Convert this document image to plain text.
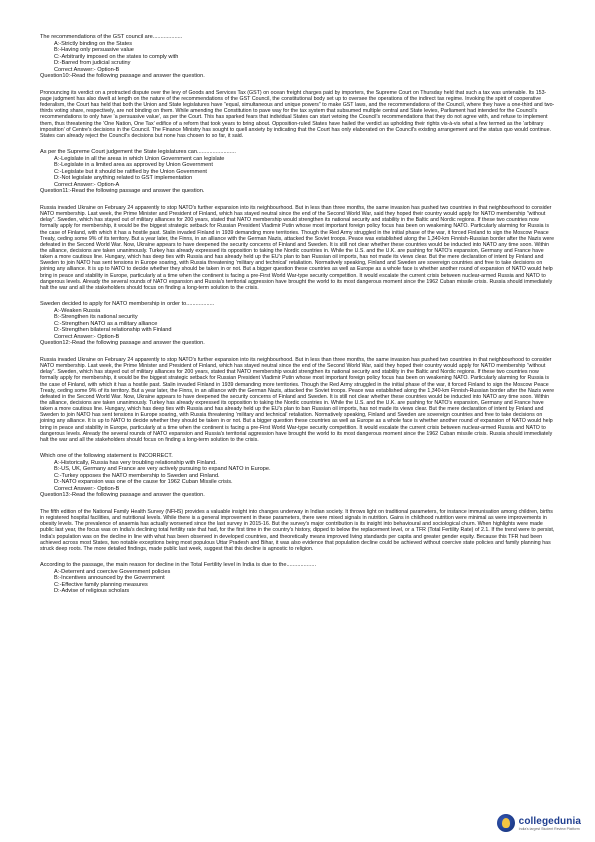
The recommendations of the GST council are...................

A:-Strictly binding on the States
B:-Having only persuasive value
C:-Arbitrarily imposed on the states to comply with
D:-Barred from judicial scrutiny

Correct Answer:- Option-B

Question10:-Read the following passage and answer the question.

Pronouncing its verdict on a protracted dispute over the levy of Goods and Services Tax (GST) on ocean freight charges paid by importers, the Supreme Court on Thursday held that such a tax was untenable. Its 153-page judgment has also dwelt at length on the nature of the recommendations of the GST Council, the constitutional body set up to oversee the operations of the indirect tax regime. Invoking the spirit of cooperative federalism, the Court has held that both the Union and State legislatures have “equal, simultaneous and unique powers” to make GST laws, and the recommendations of the Council, where they have a one-third and two-thirds voting share, respectively, are not binding on them. While amending the Constitution to pave way for the tax system that subsumed multiple central and State levies, Parliament had intended for the Council's recommendations to only have ‘a persuasive value’, as per the Court. This has sparked fears that individual States can start vetoing the Council's recommendations that they do not agree with, and refuse to implement them, thus threatening the ‘One Nation, One Tax’ edifice of a reform that took years to bring about. Opposition-ruled States have hailed the verdict as upholding their rights vis-à-vis what a few termed as the ‘arbitrary imposition’ of Centre's decisions in the Council. The Finance Ministry has sought to quell anxiety by indicating that the Court has only elaborated on the Council's existing arrangement and the status quo would continue. States can already reject the Council's decisions but none has chosen to so far, it said.

As per the Supreme Court judgement the State legislatures can.........................

A:-Legislate in all the areas in which Union Government can legislate
B:-Legislate in a limited area as approved by Union Government
C:-Legislate but it should be ratified by the Union Government
D:-Not legislate anything related to GST implementation

Correct Answer:- Option-A

Question11:-Read the following passage and answer the question.

Russia invaded Ukraine on February 24 apparently to stop NATO's further expansion into its neighbourhood. But in less than three months, the same invasion has pushed two countries in that neighbourhood to consider NATO membership. Last week, the Prime Minister and President of Finland, which has stayed neutral since the end of the Second World War, said they hoped their country would apply for NATO membership “without delay”. Sweden, which has stayed out of military alliances for 200 years, stated that NATO membership would strengthen its national security and stability in the Baltic and Nordic regions. If these two countries now formally apply for membership, it would be the biggest strategic setback for Russian President Vladimir Putin whose most important foreign policy focus has been on weakening NATO. Particularly alarming for Russia is the case of Finland, with which it has a hostile past. Stalin invaded Finland in 1939 demanding more territories. Though the Red Army struggled in the initial phase of the war, it forced Finland to sign the Moscow Peace Treaty, ceding some 9% of its territory. But a year later, the Finns, in an alliance with the German Nazis, attacked the Soviet troops. Peace was established along the 1,340-km Finnish-Russian border after the Nazis were defeated in the Second World War. Now, Ukraine appears to have deepened the security concerns of Finland and Sweden. It is still not clear whether these countries would be inducted into NATO any time soon. Within the alliance, decisions are taken unanimously. Turkey has already expressed its opposition to taking the Nordic countries in. While the U.S. and the U.K. are pushing for NATO's expansion, Germany and France have taken a more cautious line. Hungary, which has deep ties with Russia and has already held up the EU's plan to ban Russian oil imports, has not made its views clear. But the mere declaration of intent by Finland and Sweden to join NATO has sent tensions in Europe soaring, with Russia threatening ‘military and technical’ retaliation. Normatively speaking, Finland and Sweden are sovereign countries and free to take decisions on joining any alliance. It is up to NATO to decide whether they should be taken in or not. But a bigger question these countries as well as Europe as a whole face is whether another round of expansion of NATO would help bring in peace and stability in Europe, particularly at a time when the continent is facing a pre-First World War-type security competition. It would escalate the current crisis between nuclear-armed Russia and NATO to dangerous levels. Already the several rounds of NATO expansion and Russia's territorial aggression have brought the world to its most dangerous moment since the 1962 Cuban missile crisis. Russia should immediately halt the war and all the stakeholders should focus on finding a long-term solution to the crisis.

Sweden decided to apply for NATO membership in order to..................

A:-Weaken Russia
B:-Strengthen its national security
C:-Strengthen NATO as a military alliance
D:-Strengthen bilateral relationship with Finland

Correct Answer:- Option-B

Question12:-Read the following passage and answer the question.

Russia invaded Ukraine on February 24 apparently to stop NATO's further expansion into its neighbourhood. But in less than three months, the same invasion has pushed two countries in that neighbourhood to consider NATO membership. Last week, the Prime Minister and President of Finland, which has stayed neutral since the end of the Second World War, said they hoped their country would apply for NATO membership “without delay”. Sweden, which has stayed out of military alliances for 200 years, stated that NATO membership would strengthen its national security and stability in the Baltic and Nordic regions. If these two countries now formally apply for membership, it would be the biggest strategic setback for Russian President Vladimir Putin whose most important foreign policy focus has been on weakening NATO. Particularly alarming for Russia is the case of Finland, with which it has a hostile past. Stalin invaded Finland in 1939 demanding more territories. Though the Red Army struggled in the initial phase of the war, it forced Finland to sign the Moscow Peace Treaty, ceding some 9% of its territory. But a year later, the Finns, in an alliance with the German Nazis, attacked the Soviet troops. Peace was established along the 1,340-km Finnish-Russian border after the Nazis were defeated in the Second World War. Now, Ukraine appears to have deepened the security concerns of Finland and Sweden. It is still not clear whether these countries would be inducted into NATO any time soon. Within the alliance, decisions are taken unanimously. Turkey has already expressed its opposition to taking the Nordic countries in. While the U.S. and the U.K. are pushing for NATO's expansion, Germany and France have taken a more cautious line. Hungary, which has deep ties with Russia and has already held up the EU's plan to ban Russian oil imports, has not made its views clear. But the mere declaration of intent by Finland and Sweden to join NATO has sent tensions in Europe soaring, with Russia threatening ‘military and technical’ retaliation. Normatively speaking, Finland and Sweden are sovereign countries and free to take decisions on joining any alliance. It is up to NATO to decide whether they should be taken in or not. But a bigger question these countries as well as Europe as a whole face is whether another round of expansion of NATO would help bring in peace and stability in Europe, particularly at a time when the continent is facing a pre-First World War-type security competition. It would escalate the current crisis between nuclear-armed Russia and NATO to dangerous levels. Already the several rounds of NATO expansion and Russia's territorial aggression have brought the world to its most dangerous moment since the 1962 Cuban missile crisis. Russia should immediately halt the war and all the stakeholders should focus on finding a long-term solution to the crisis.

Which one of the following statement is INCORRECT.

A:-Historically, Russia has very troubling relationship with Finland.
B:-US, UK, Germany and France are very actively pursuing to expand NATO in Europe.
C:-Turkey opposes the NATO membership to Sweden and Finland.
D:-NATO expansion was one of the cause for 1962 Cuban Missile crisis.

Correct Answer:- Option-B

Question13:-Read the following passage and answer the question.

The fifth edition of the National Family Health Survey (NFHS) provides a valuable insight into changes underway in Indian society. It throws light on traditional parameters, for instance immunisation among children, births in registered hospital facilities, and nutritional levels. While there is a general improvement in these parameters, there were mixed signals in nutrition. Gains in childhood nutrition were minimal as were improvements in obesity levels. The prevalence of anaemia has actually worsened since the last survey in 2015-16. But the survey's major contribution is its insight into behavioural and sociological churn. When highlights were made public last year, the focus was on India's declining total fertility rate that had, for the first time in the country's history, dipped to below the replacement level, or a TFR (Total Fertility Rate) of 2.1. If the trend were to persist, India's population was on the decline in line with what has been observed in developed countries, and theoretically means improved living standards per capita and greater gender equity. Because this TFR had been achieved across most States, two notable exceptions being most populous Uttar Pradesh and Bihar, it was also evidence that population decline could be achieved without coercive state policies and family planning has struck deep roots. The more detailed findings, made public last week, suggest that this decline is agnostic to religion.

According to the passage, the main reason for decline in the Total Fertility level in India is due to the...................

A:-Deterrent and coercive Government policies
B:-Incentives announced by the Government
C:-Effective family planning measures
D:-Advise of religious scholars
collegedunia
India's largest Student Review Platform
